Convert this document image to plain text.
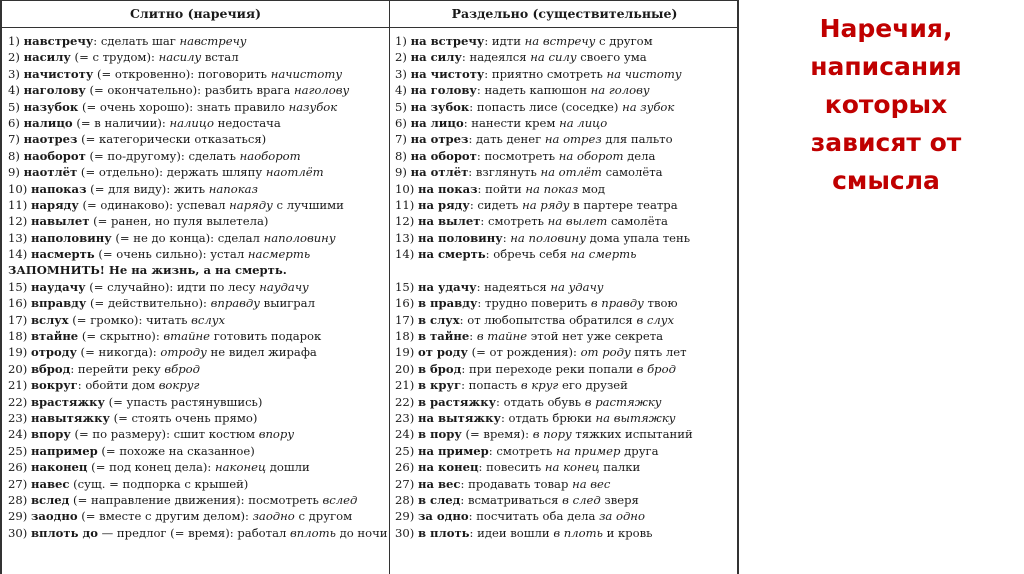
Слитно (наречия)	Раздельно (существительные)
1) навстречу: сделать шаг навстречу
2) насилу (= с трудом): насилу встал
3) начистоту (= откровенно): поговорить начистоту
4) наголову (= окончательно): разбить врага наголову
5) назубок (= очень хорошо): знать правило назубок
6) налицо (= в наличии): налицо недостача
7) наотрез (= категорически отказаться)
8) наоборот (= по-другому): сделать наоборот
9) наотлёт (= отдельно): держать шляпу наотлёт
10) напоказ (= для виду): жить напоказ
11) наряду (= одинаково): успевал наряду с лучшими
12) навылет (= ранен, но пуля вылетела)
13) наполовину (= не до конца): сделал наполовину
14) насмерть (= очень сильно): устал насмерть
ЗАПОМНИТЬ! Не на жизнь, а на смерть.
15) наудачу (= случайно): идти по лесу наудачу
16) вправду (= действительно): вправду выиграл
17) вслух (= громко): читать вслух
18) втайне (= скрытно): втайне готовить подарок
19) отроду (= никогда): отроду не видел жирафа
20) вброд: перейти реку вброд
21) вокруг: обойти дом вокруг
22) врастяжку (= упасть растянувшись)
23) навытяжку (= стоять очень прямо)
24) впору (= по размеру): сшит костюм впору
25) например (= похоже на сказанное)
26) наконец (= под конец дела): наконец дошли
27) навес (сущ. = подпорка с крышей)
28) вслед (= направление движения): посмотреть вслед
29) заодно (= вместе с другим делом): заодно с другом
30) вплоть до — предлог (= время): работал вплоть до ночи
1) на встречу: идти на встречу с другом
2) на силу: надеялся на силу своего ума
3) на чистоту: приятно смотреть на чистоту
4) на голову: надеть капюшон на голову
5) на зубок: попасть лисе (соседке) на зубок
6) на лицо: нанести крем на лицо
7) на отрез: дать денег на отрез для пальто
8) на оборот: посмотреть на оборот дела
9) на отлёт: взглянуть на отлёт самолёта
10) на показ: пойти на показ мод
11) на ряду: сидеть на ряду в партере театра
12) на вылет: смотреть на вылет самолёта
13) на половину: на половину дома упала тень
14) на смерть: обречь себя на смерть
15) на удачу: надеяться на удачу
16) в правду: трудно поверить в правду твою
17) в слух: от любопытства обратился в слух
18) в тайне: в тайне этой нет уже секрета
19) от роду (= от рождения): от роду пять лет
20) в брод: при переходе реки попали в брод
21) в круг: попасть в круг его друзей
22) в растяжку: отдать обувь в растяжку
23) на вытяжку: отдать брюки на вытяжку
24) в пору (= время): в пору тяжких испытаний
25) на пример: смотреть на пример друга
26) на конец: повесить на конец палки
27) на вес: продавать товар на вес
28) в след: всматриваться в след зверя
29) за одно: посчитать оба дела за одно
30) в плоть: идеи вошли в плоть и кровь
Наречия,
написания
которых
зависят от
смысла
